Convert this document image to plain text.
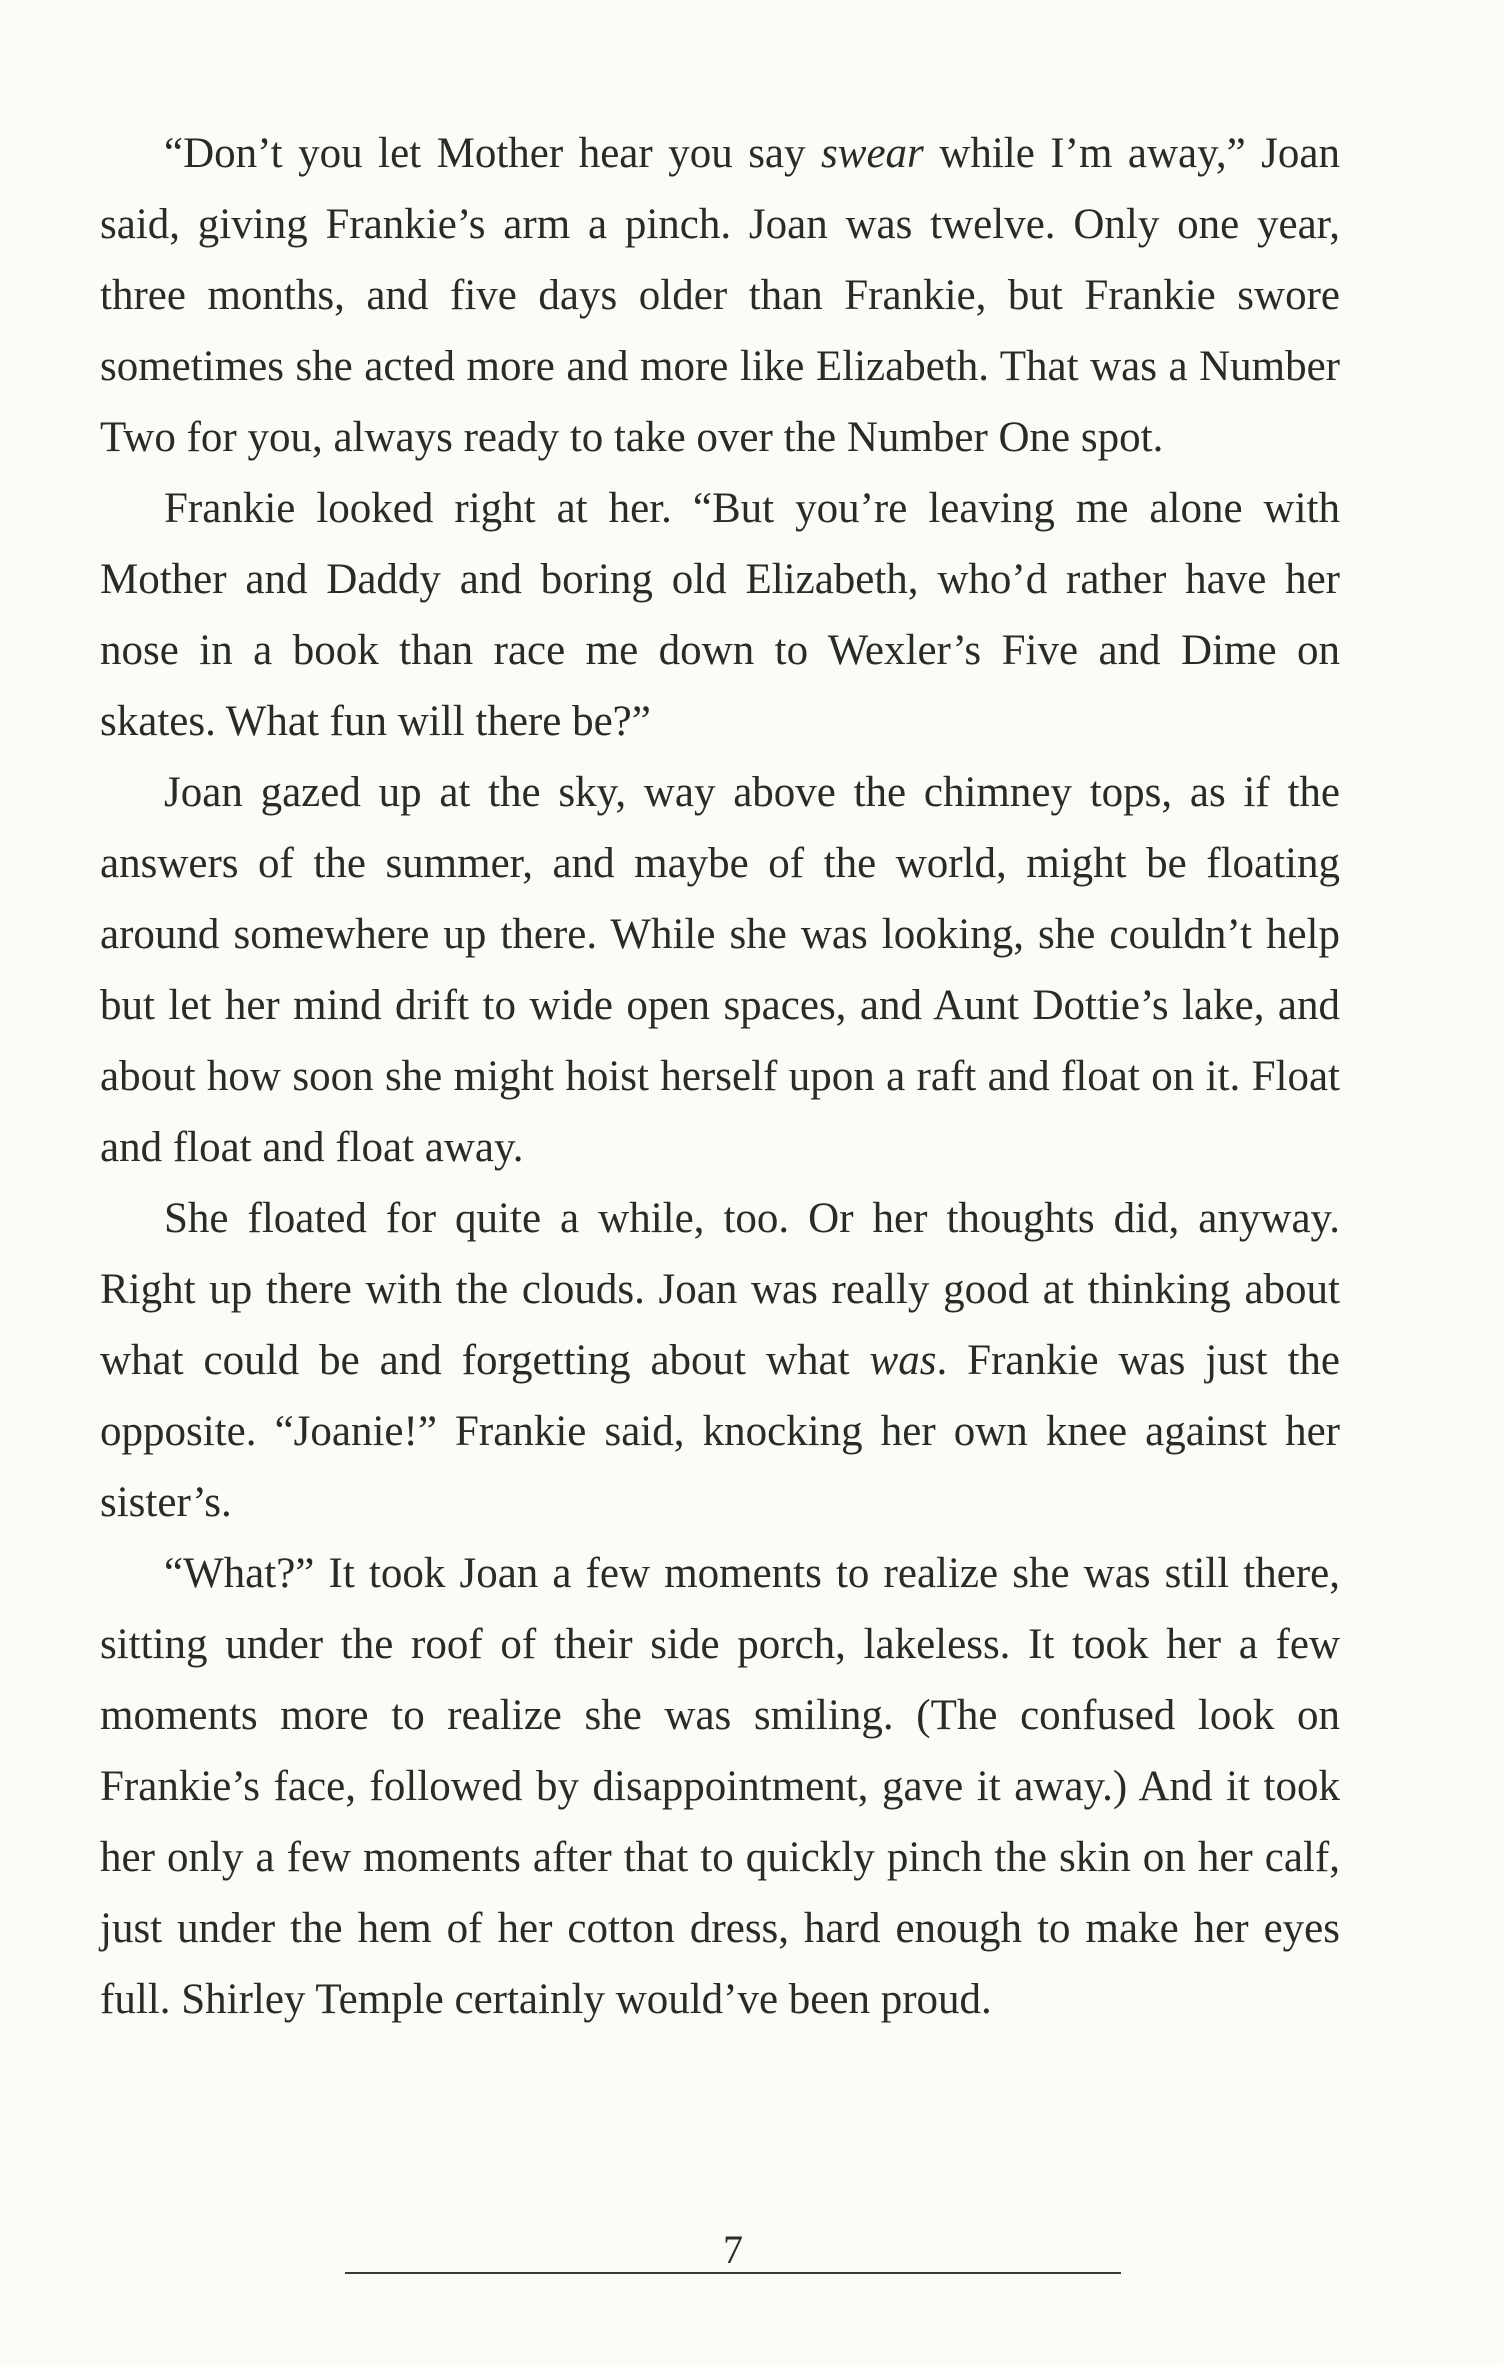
“Don’t you let Mother hear you say swear while I’m away,” Joan said, giving Frankie’s arm a pinch. Joan was twelve. Only one year, three months, and five days older than Frankie, but Frankie swore sometimes she acted more and more like Elizabeth. That was a Number Two for you, always ready to take over the Number One spot.

Frankie looked right at her. “But you’re leaving me alone with Mother and Daddy and boring old Elizabeth, who’d rather have her nose in a book than race me down to Wexler’s Five and Dime on skates. What fun will there be?”

Joan gazed up at the sky, way above the chimney tops, as if the answers of the summer, and maybe of the world, might be floating around somewhere up there. While she was looking, she couldn’t help but let her mind drift to wide open spaces, and Aunt Dottie’s lake, and about how soon she might hoist herself upon a raft and float on it. Float and float and float away.

She floated for quite a while, too. Or her thoughts did, anyway. Right up there with the clouds. Joan was really good at thinking about what could be and forgetting about what was. Frankie was just the opposite. “Joanie!” Frankie said, knocking her own knee against her sister’s.

“What?” It took Joan a few moments to realize she was still there, sitting under the roof of their side porch, lakeless. It took her a few moments more to realize she was smiling. (The confused look on Frankie’s face, followed by disappointment, gave it away.) And it took her only a few moments after that to quickly pinch the skin on her calf, just under the hem of her cotton dress, hard enough to make her eyes full. Shirley Temple certainly would’ve been proud.

7
